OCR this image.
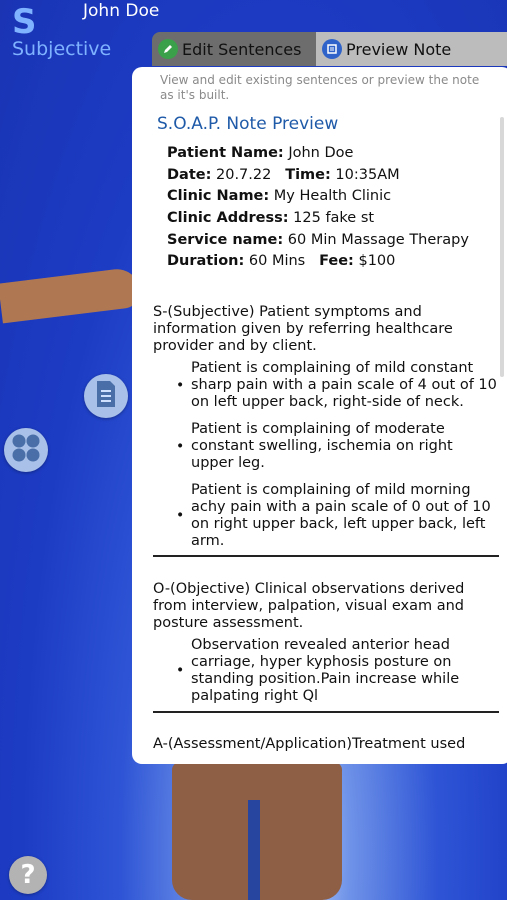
S
Subjective
John Doe
Edit Sentences	Preview Note
View and edit existing sentences or preview the note as it's built.
S.O.A.P. Note Preview
Patient Name: John Doe
Date: 20.7.22 Time: 10:35AM
Clinic Name: My Health Clinic
Clinic Address: 125 fake st
Service name: 60 Min Massage Therapy
Duration: 60 Mins Fee: $100
S-(Subjective) Patient symptoms and information given by referring healthcare provider and by client.
• Patient is complaining of mild constant sharp pain with a pain scale of 4 out of 10 on left upper back, right-side of neck.
• Patient is complaining of moderate constant swelling, ischemia on right upper leg.
• Patient is complaining of mild morning achy pain with a pain scale of 0 out of 10 on right upper back, left upper back, left arm.
O-(Objective) Clinical observations derived from interview, palpation, visual exam and posture assessment.
• Observation revealed anterior head carriage, hyper kyphosis posture on standing position.Pain increase while palpating right Ql
A-(Assessment/Application)Treatment used
?
